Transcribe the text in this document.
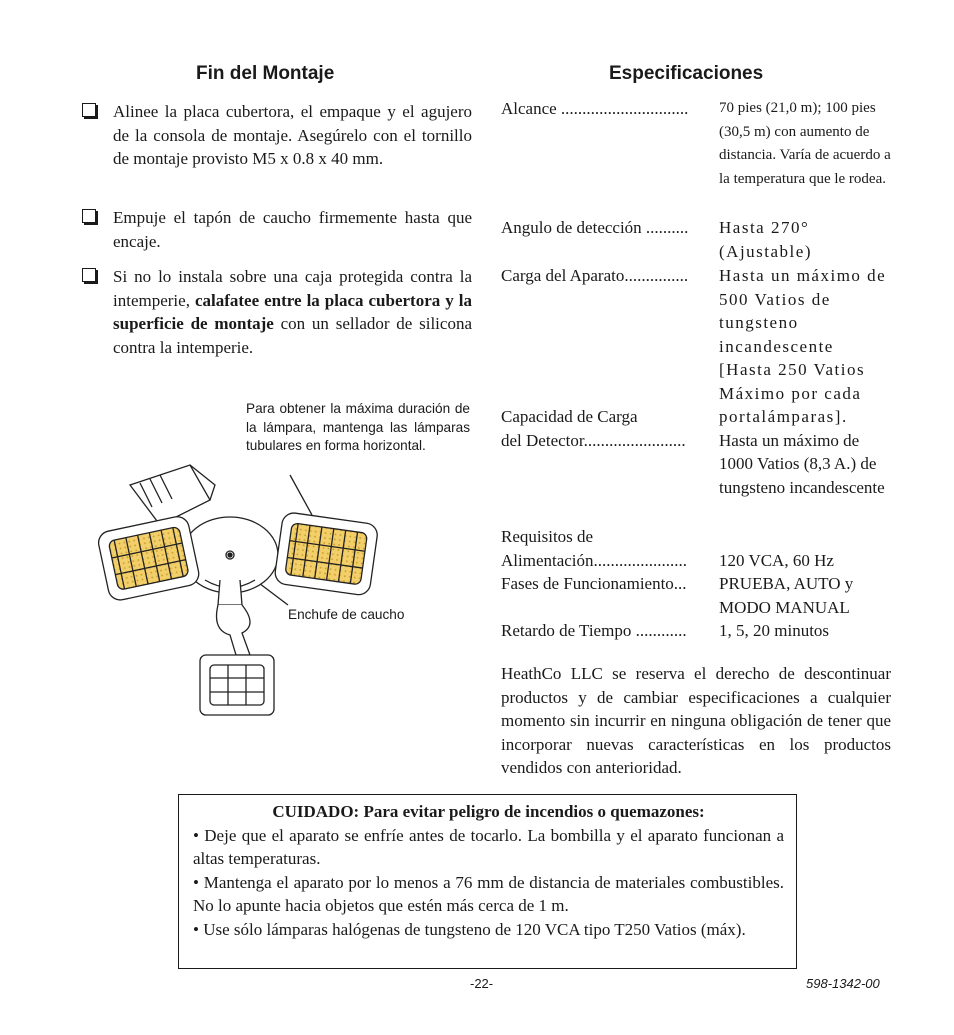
Fin del Montaje	Especificaciones
Alinee la placa cubertora, el empaque y el agujero de la consola de montaje. Asegúrelo con el tornillo de montaje provisto M5 x 0.8 x 40 mm.
Empuje el tapón de caucho firmemente hasta que encaje.
Si no lo instala sobre una caja protegida contra la intemperie, calafatee entre la placa cubertora y la superficie de montaje con un sellador de silicona contra la intemperie.
Para obtener la máxima duración de la lámpara, mantenga las lámparas tubulares en forma horizontal.
Enchufe de caucho
Alcance .............................. 70 pies (21,0 m); 100 pies (30,5 m) con aumento de distancia. Varía de acuerdo a la temperatura que le rodea.
Angulo de detección .......... Hasta 270° (Ajustable)
Carga del Aparato............... Hasta un máximo de 500 Vatios de tungsteno incandescente [Hasta 250 Vatios Máximo por cada portalámparas].
Capacidad de Carga
del Detector........................ Hasta un máximo de 1000 Vatios (8,3 A.) de tungsteno incandescente
Requisitos de
Alimentación...................... 120 VCA, 60 Hz
Fases de Funcionamiento... PRUEBA, AUTO y MODO MANUAL
Retardo de Tiempo ............ 1, 5, 20 minutos
HeathCo LLC se reserva el derecho de descontinuar productos y de cambiar especificaciones a cualquier momento sin incurrir en ninguna obligación de tener que incorporar nuevas características en los productos vendidos con anterioridad.
CUIDADO: Para evitar peligro de incendios o quemazones:
• Deje que el aparato se enfríe antes de tocarlo. La bombilla y el aparato funcionan a altas temperaturas.
• Mantenga el aparato por lo menos a 76 mm de distancia de materiales combustibles. No lo apunte hacia objetos que estén más cerca de 1 m.
• Use sólo lámparas halógenas de tungsteno de 120 VCA tipo T250 Vatios (máx).
-22-	598-1342-00
